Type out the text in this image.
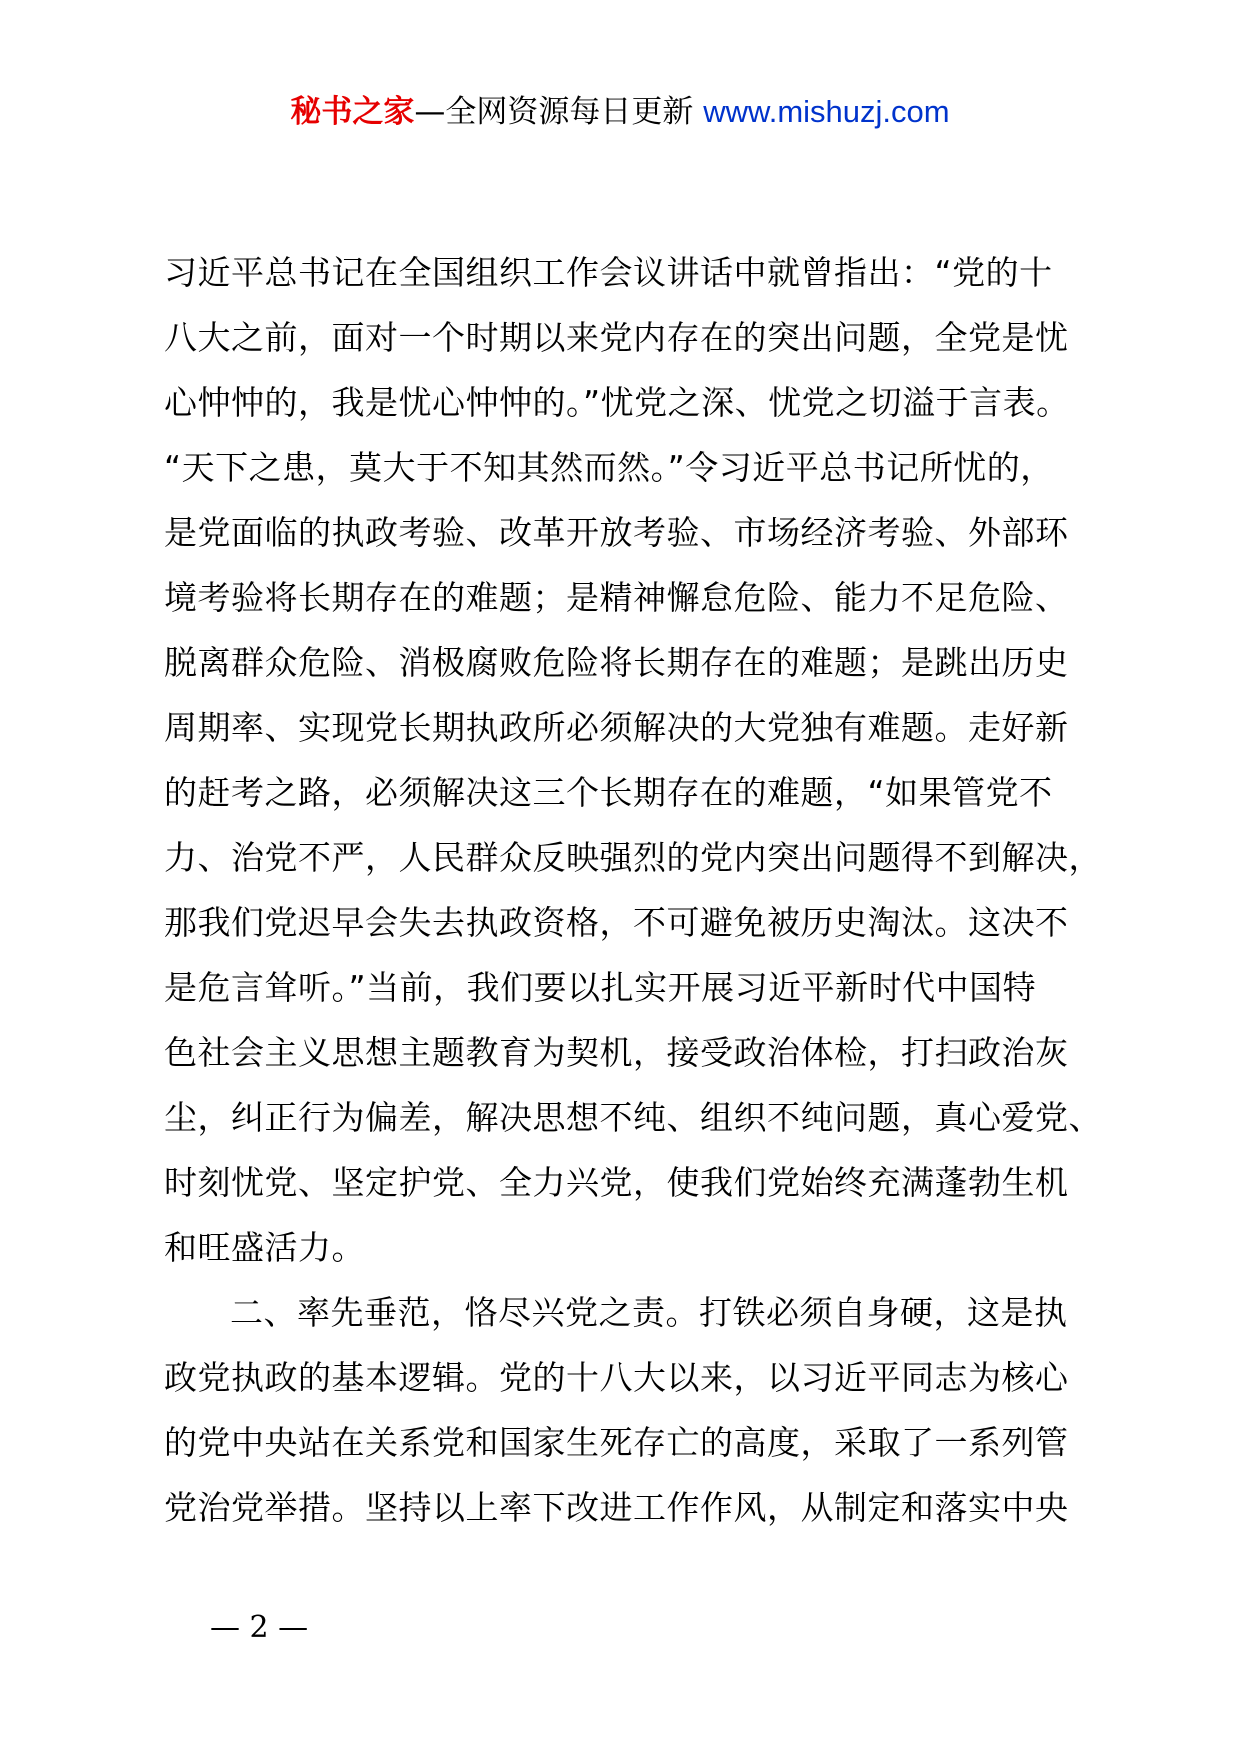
秘书之家—全网资源每日更新 www.mishuzj.com
习近平总书记在全国组织工作会议讲话中就曾指出：“党的十
八大之前，面对一个时期以来党内存在的突出问题，全党是忧
心忡忡的，我是忧心忡忡的。”忧党之深、忧党之切溢于言表。
“天下之患，莫大于不知其然而然。”令习近平总书记所忧的，
是党面临的执政考验、改革开放考验、市场经济考验、外部环
境考验将长期存在的难题；是精神懈怠危险、能力不足危险、
脱离群众危险、消极腐败危险将长期存在的难题；是跳出历史
周期率、实现党长期执政所必须解决的大党独有难题。走好新
的赶考之路，必须解决这三个长期存在的难题，“如果管党不
力、治党不严，人民群众反映强烈的党内突出问题得不到解决，
那我们党迟早会失去执政资格，不可避免被历史淘汰。这决不
是危言耸听。”当前，我们要以扎实开展习近平新时代中国特
色社会主义思想主题教育为契机，接受政治体检，打扫政治灰
尘，纠正行为偏差，解决思想不纯、组织不纯问题，真心爱党、
时刻忧党、坚定护党、全力兴党，使我们党始终充满蓬勃生机
和旺盛活力。
二、率先垂范，恪尽兴党之责。打铁必须自身硬，这是执
政党执政的基本逻辑。党的十八大以来，以习近平同志为核心
的党中央站在关系党和国家生死存亡的高度，采取了一系列管
党治党举措。坚持以上率下改进工作作风，从制定和落实中央
— 2 —
